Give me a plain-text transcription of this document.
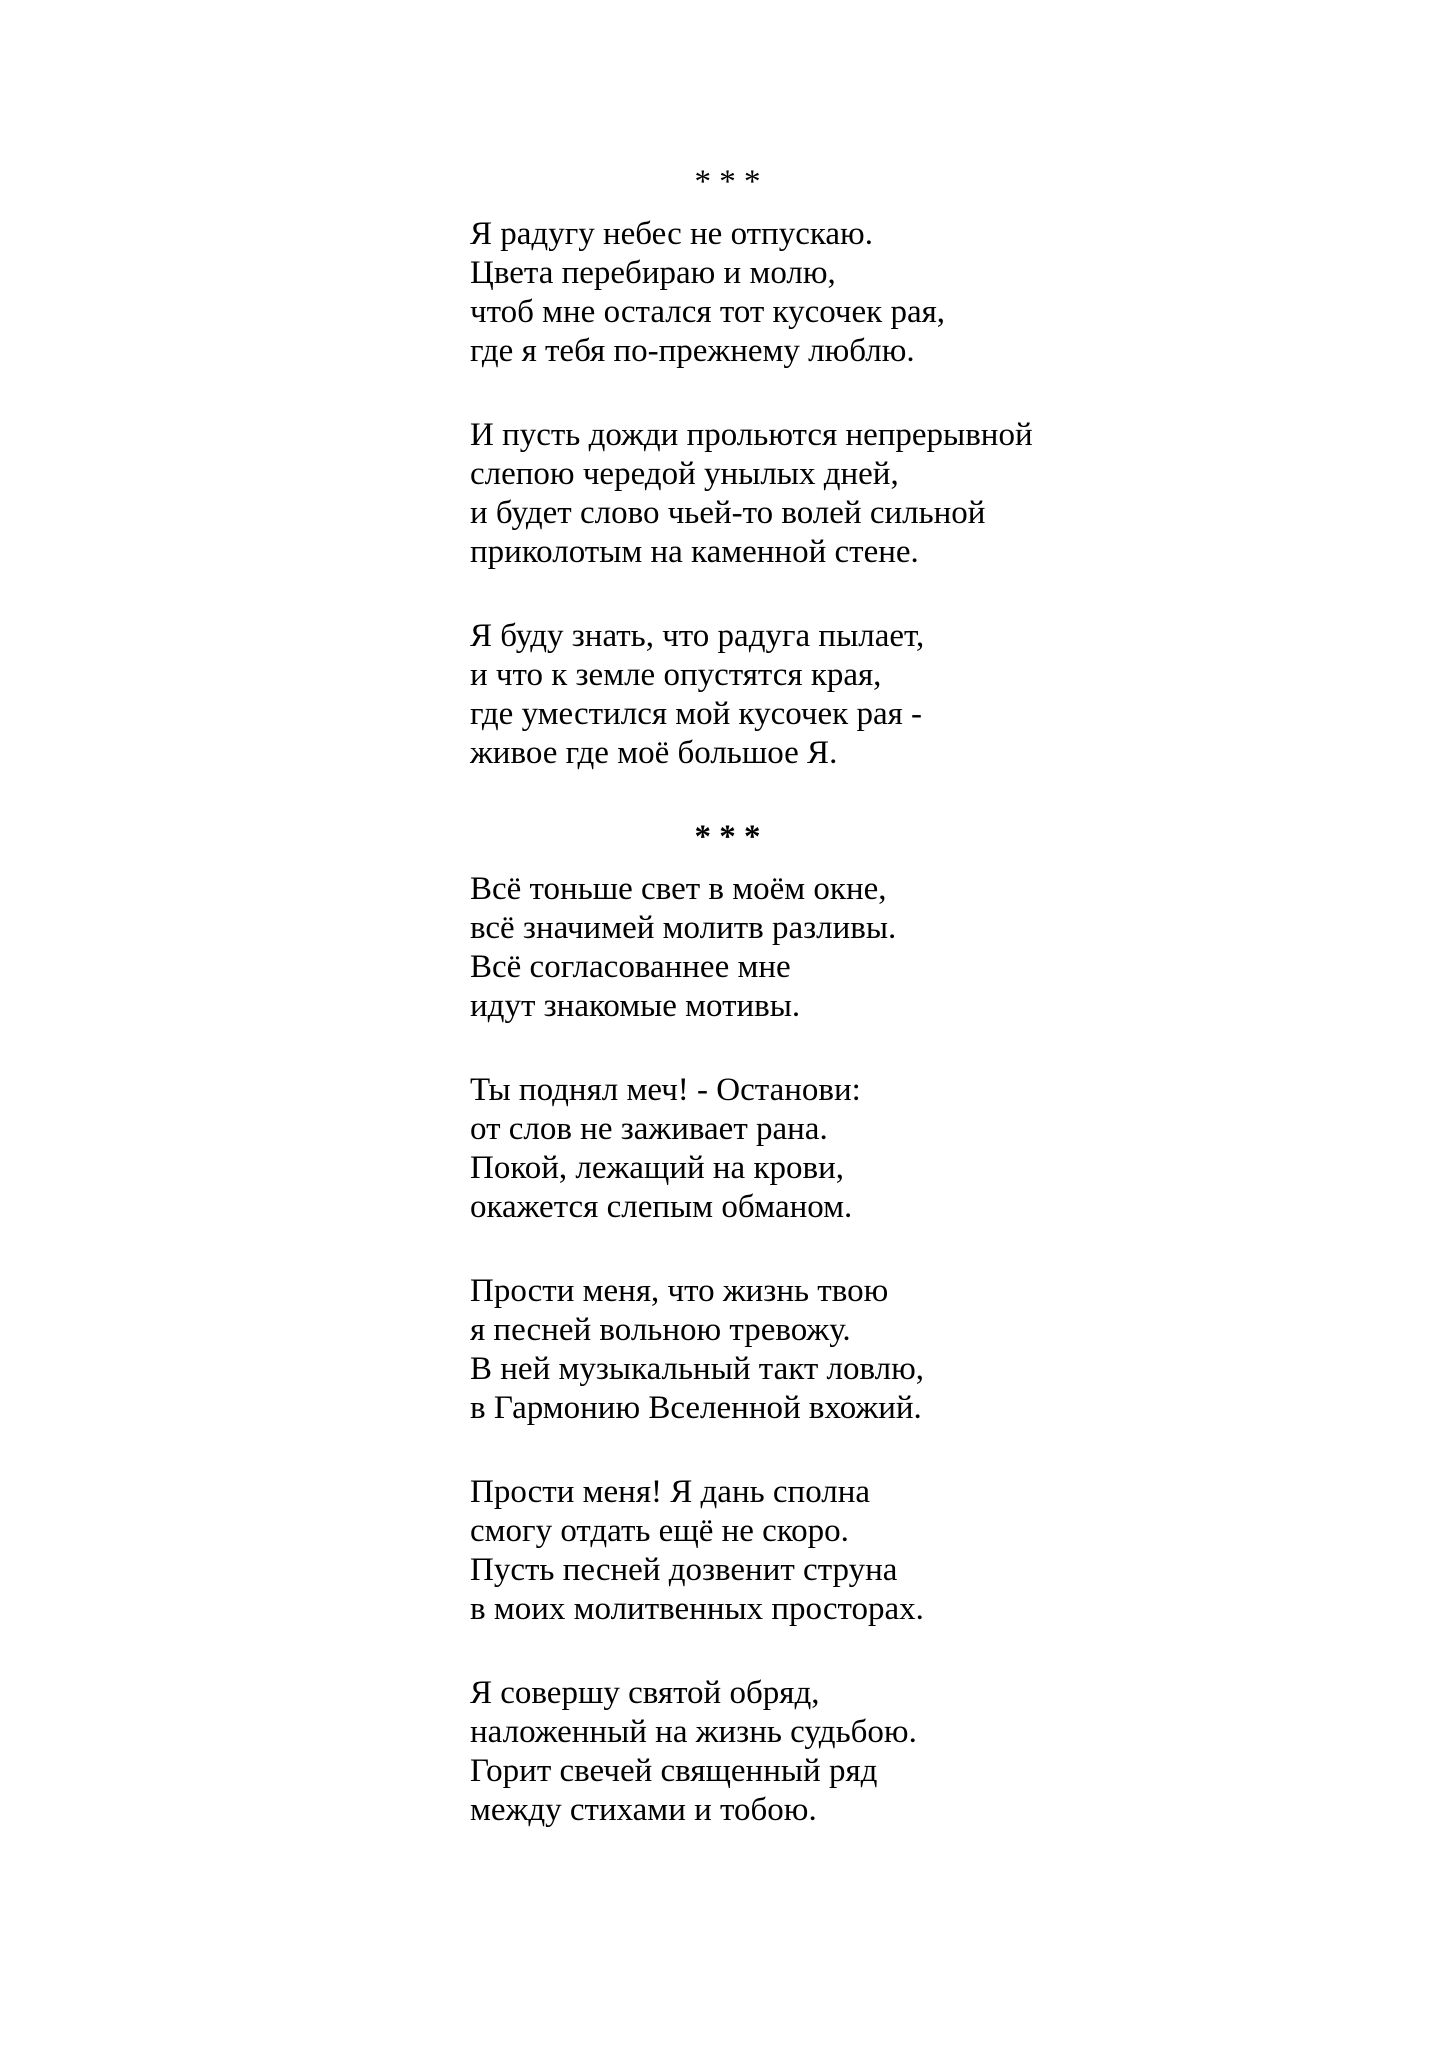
* * *
Я радугу небес не отпускаю.
Цвета перебираю и молю,
чтоб мне остался тот кусочек рая,
где я тебя по-прежнему люблю.
И пусть дожди прольются непрерывной
слепою чередой унылых дней,
и будет слово чьей-то волей сильной
приколотым на каменной стене.
Я буду знать, что радуга пылает,
и что к земле опустятся края,
где уместился мой кусочек рая -
живое где моё большое Я.
* * *
Всё тоньше свет в моём окне,
всё значимей молитв разливы.
Всё согласованнее мне
идут знакомые мотивы.
Ты поднял меч! - Останови:
от слов не заживает рана.
Покой, лежащий на крови,
окажется слепым обманом.
Прости меня, что жизнь твою
я песней вольною тревожу.
В ней музыкальный такт ловлю,
в Гармонию Вселенной вхожий.
Прости меня! Я дань сполна
смогу отдать ещё не скоро.
Пусть песней дозвенит струна
в моих молитвенных просторах.
Я совершу святой обряд,
наложенный на жизнь судьбою.
Горит свечей священный ряд
между стихами и тобою.
